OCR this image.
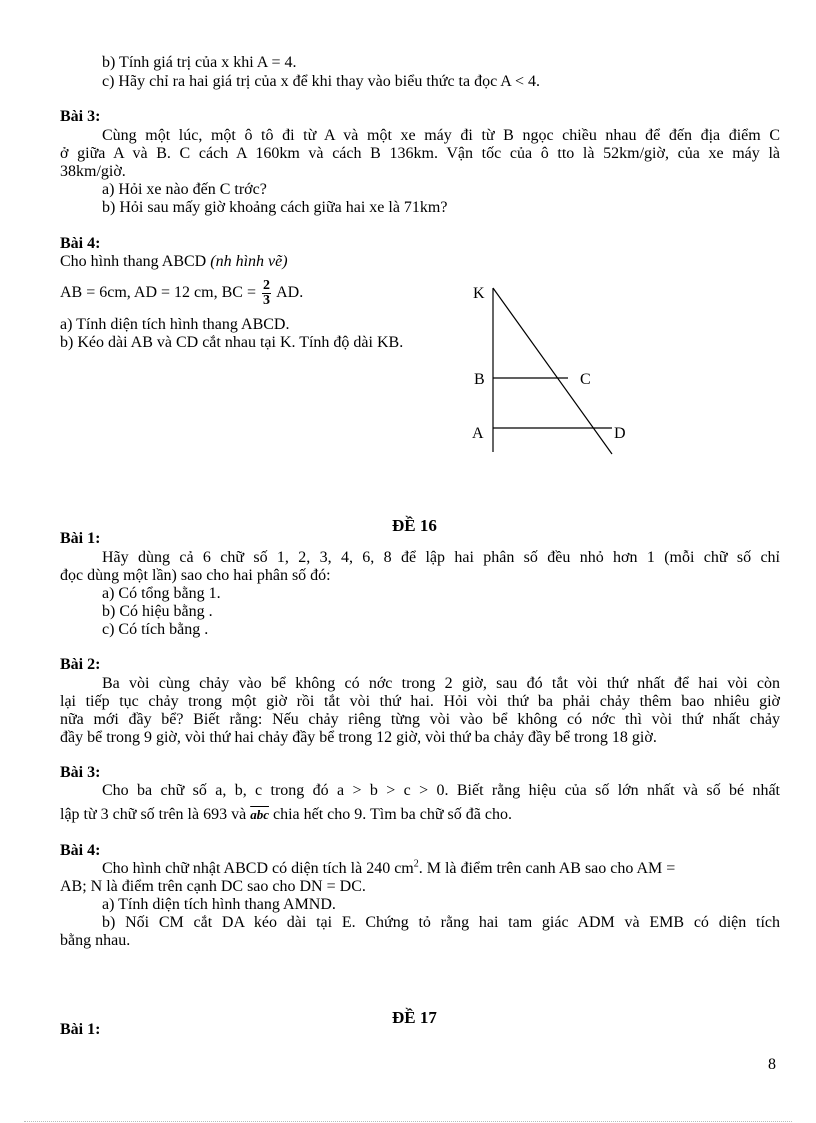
b) Tính giá trị của x khi A = 4.
c) Hãy chỉ ra hai giá trị của x để khi thay vào biểu thức ta đọc A < 4.
Bài 3:
Cùng một lúc, một ô tô đi từ A và một xe máy đi từ B ngọc chiều nhau để đến địa điểm C
ở giữa A và B. C cách A 160km và cách B 136km. Vận tốc của ô tto là 52km/giờ, của xe máy là
38km/giờ.
a) Hỏi xe nào đến C trớc?
b) Hỏi sau mấy giờ khoảng cách giữa hai xe là 71km?
Bài 4:
Cho hình thang ABCD (nh hình vẽ)
AB = 6cm, AD = 12 cm, BC = $\frac{2}{3}$ AD.
a) Tính diện tích hình thang ABCD.
b) Kéo dài AB và CD cắt nhau tại K. Tính độ dài KB.
K
B	C
A	D
ĐỀ 16
Bài 1:
Hãy dùng cả 6 chữ số 1, 2, 3, 4, 6, 8 để lập hai phân số đều nhỏ hơn 1 (mỗi chữ số chỉ
đọc dùng một lần) sao cho hai phân số đó:
a) Có tổng bằng 1.
b) Có hiệu bằng .
c) Có tích bằng .
Bài 2:
Ba vòi cùng chảy vào bể không có nớc trong 2 giờ, sau đó tắt vòi thứ nhất để hai vòi còn
lại tiếp tục chảy trong một giờ rồi tắt vòi thứ hai. Hỏi vòi thứ ba phải chảy thêm bao nhiêu giờ
nữa mới đầy bể? Biết rằng: Nếu chảy riêng từng vòi vào bể không có nớc thì vòi thứ nhất chảy
đầy bể trong 9 giờ, vòi thứ hai chảy đầy bể trong 12 giờ, vòi thứ ba chảy đầy bể trong 18 giờ.
Bài 3:
Cho ba chữ số a, b, c trong đó a > b > c > 0. Biết rằng hiệu của số lớn nhất và số bé nhất
lập từ 3 chữ số trên là 693 và $\overline{abc}$ chia hết cho 9. Tìm ba chữ số đã cho.
Bài 4:
Cho hình chữ nhật ABCD có diện tích là 240 $cm^2$. M là điểm trên canh AB sao cho AM =
AB; N là điểm trên cạnh DC sao cho DN = DC.
a) Tính diện tích hình thang AMND.
b) Nối CM cắt DA kéo dài tại E. Chứng tỏ rằng hai tam giác ADM và EMB có diện tích
bằng nhau.
ĐỀ 17
Bài 1:
8
